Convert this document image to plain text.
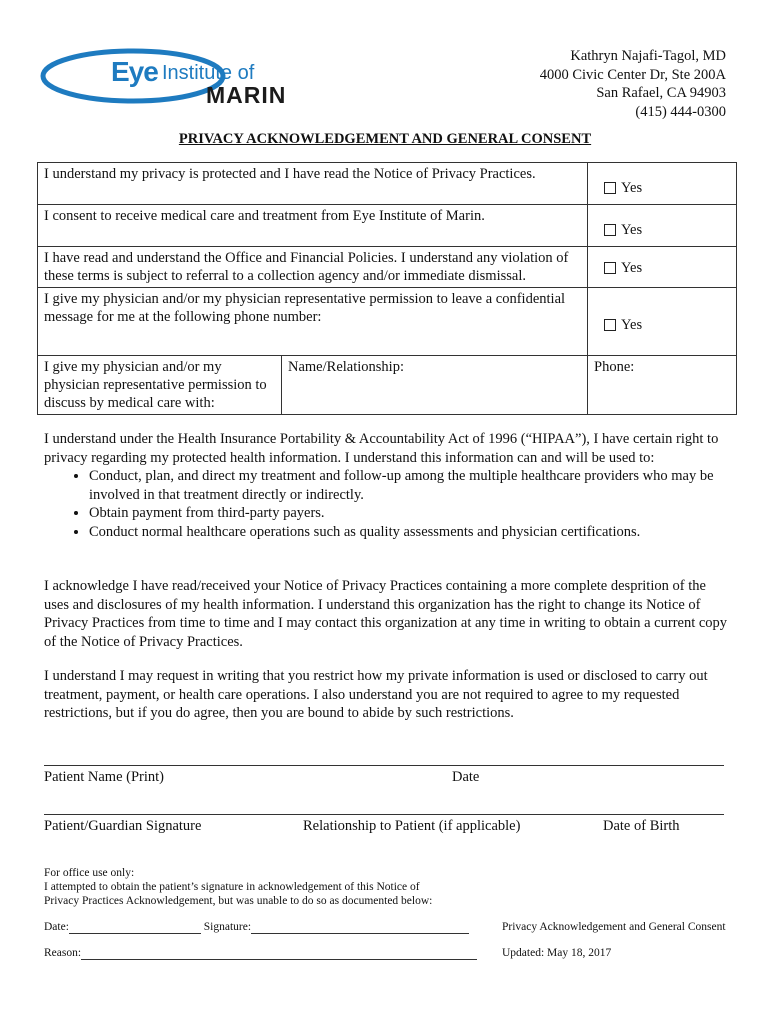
Eye Institute of
MARIN
Kathryn Najafi-Tagol, MD
4000 Civic Center Dr, Ste 200A
San Rafael, CA 94903
(415) 444-0300
PRIVACY ACKNOWLEDGEMENT AND GENERAL CONSENT
I understand my privacy is protected and I have read the Notice of Privacy Practices.		Yes

I consent to receive medical care and treatment from Eye Institute of Marin.		Yes

I have read and understand the Office and Financial Policies. I understand any violation of these terms is subject to referral to a collection agency and/or immediate dismissal.		Yes

I give my physician and/or my physician representative permission to leave a confidential message for me at the following phone number:		Yes

I give my physician and/or my physician representative permission to discuss by medical care with:	Name/Relationship:	Phone:
I understand under the Health Insurance Portability & Accountability Act of 1996 (“HIPAA”), I have certain right to privacy regarding my protected health information. I understand this information can and will be used to:
• Conduct, plan, and direct my treatment and follow-up among the multiple healthcare providers who may be involved in that treatment directly or indirectly.
• Obtain payment from third-party payers.
• Conduct normal healthcare operations such as quality assessments and physician certifications.
I acknowledge I have read/received your Notice of Privacy Practices containing a more complete desprition of the uses and disclosures of my health information. I understand this organization has the right to change its Notice of Privacy Practices from time to time and I may contact this organization at any time in writing to obtain a current copy of the Notice of Privacy Practices.
I understand I may request in writing that you restrict how my private information is used or disclosed to carry out treatment, payment, or health care operations. I also understand you are not required to agree to my requested restrictions, but if you do agree, then you are bound to abide by such restrictions.
Patient Name (Print)	Date
Patient/Guardian Signature	Relationship to Patient (if applicable)	Date of Birth
For office use only:
I attempted to obtain the patient’s signature in acknowledgement of this Notice of
Privacy Practices Acknowledgement, but was unable to do so as documented below:
Date:	Signature:
Reason:
Privacy Acknowledgement and General Consent
Updated: May 18, 2017
